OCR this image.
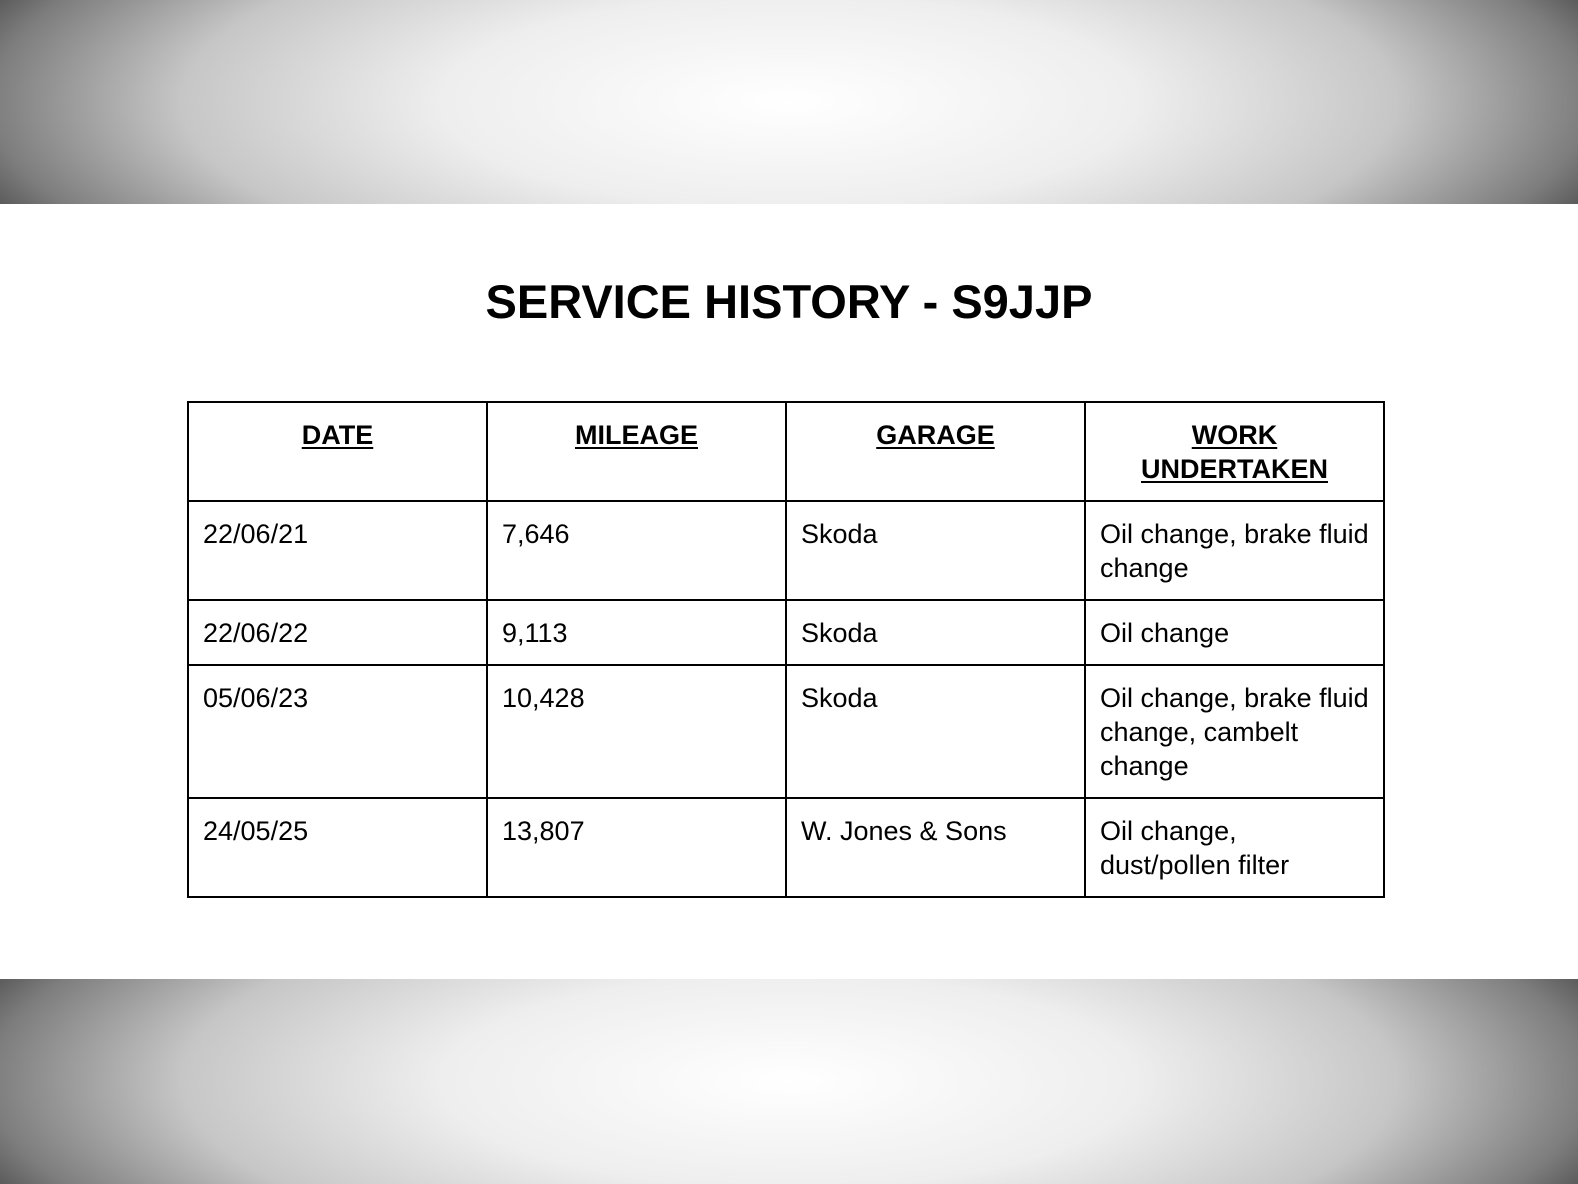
SERVICE HISTORY - S9JJP
DATE	MILEAGE	GARAGE	WORK UNDERTAKEN
22/06/21	7,646	Skoda	Oil change, brake fluid change
22/06/22	9,113	Skoda	Oil change
05/06/23	10,428	Skoda	Oil change, brake fluid change, cambelt change
24/05/25	13,807	W. Jones & Sons	Oil change, dust/pollen filter
